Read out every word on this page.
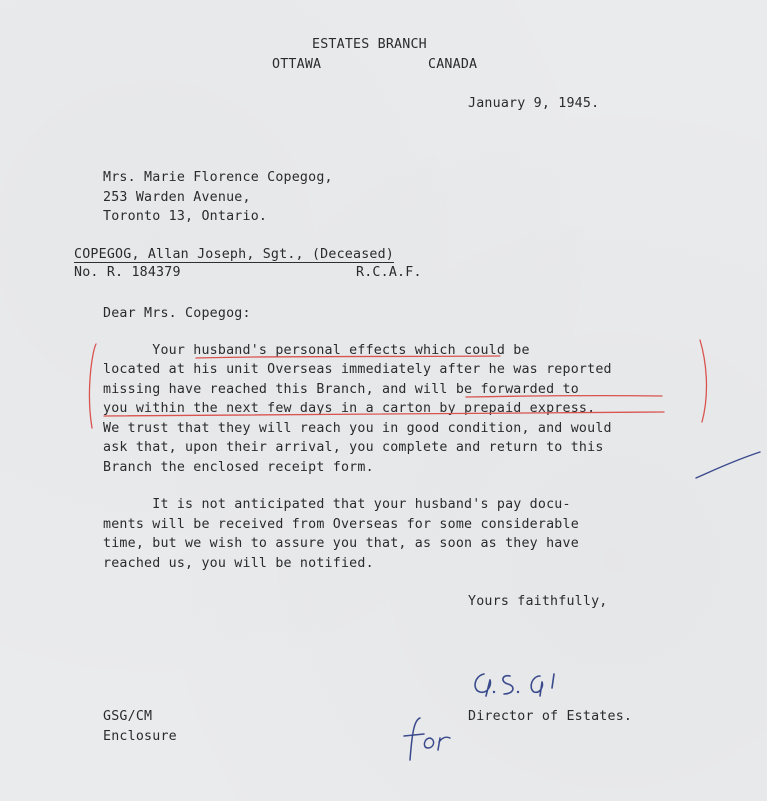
ESTATES BRANCH
OTTAWA	CANADA
January 9, 1945.
Mrs. Marie Florence Copegog,
253 Warden Avenue,
Toronto 13, Ontario.
COPEGOG, Allan Joseph, Sgt., (Deceased)
No. R. 184379	R.C.A.F.
Dear Mrs. Copegog:
Your husband's personal effects which could be
located at his unit Overseas immediately after he was reported
missing have reached this Branch, and will be forwarded to
you within the next few days in a carton by prepaid express.
We trust that they will reach you in good condition, and would
ask that, upon their arrival, you complete and return to this
Branch the enclosed receipt form.
It is not anticipated that your husband's pay docu-
ments will be received from Overseas for some considerable
time, but we wish to assure you that, as soon as they have
reached us, you will be notified.
Yours faithfully,
Director of Estates.
GSG/CM
Enclosure
